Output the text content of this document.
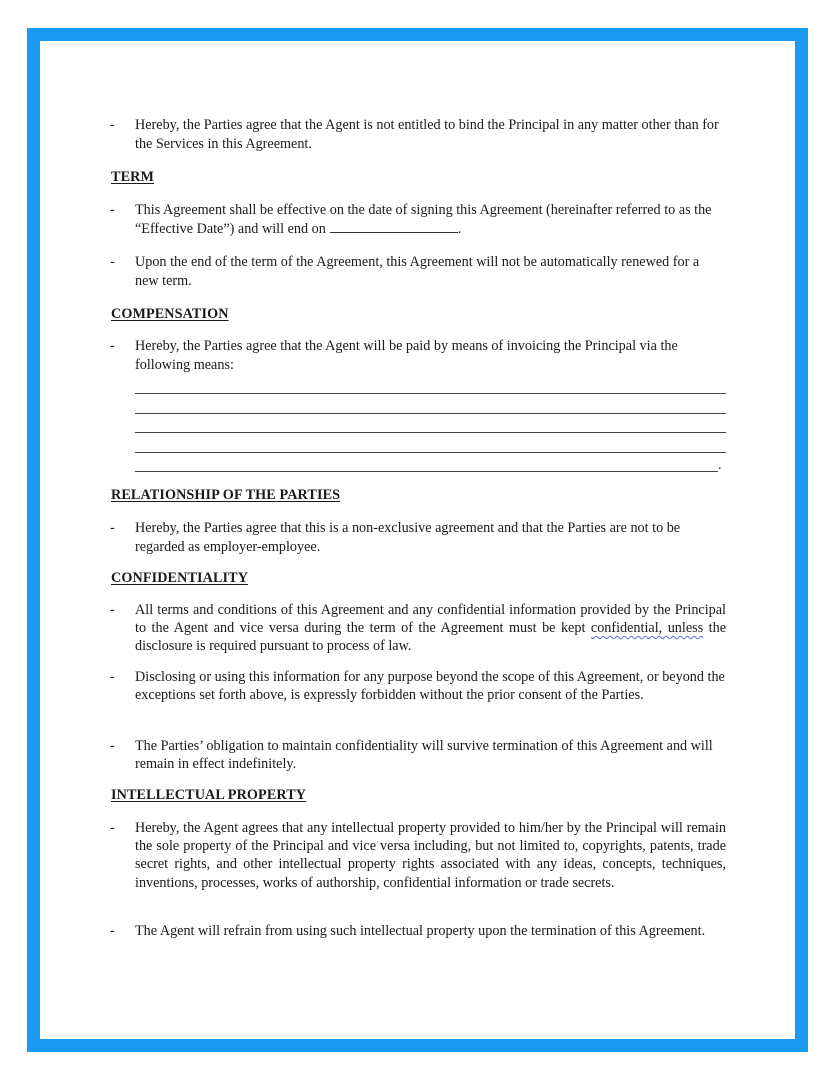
- Hereby, the Parties agree that the Agent is not entitled to bind the Principal in any matter other than for the Services in this Agreement.

TERM
- This Agreement shall be effective on the date of signing this Agreement (hereinafter referred to as the “Effective Date”) and will end on	.

- Upon the end of the term of the Agreement, this Agreement will not be automatically renewed for a new term.

COMPENSATION
- Hereby, the Parties agree that the Agent will be paid by means of invoicing the Principal via the following means:

.
RELATIONSHIP OF THE PARTIES
- Hereby, the Parties agree that this is a non-exclusive agreement and that the Parties are not to be regarded as employer-employee.

CONFIDENTIALITY
- All terms and conditions of this Agreement and any confidential information provided by the Principal to the Agent and vice versa during the term of the Agreement must be kept confidential, unless the disclosure is required pursuant to process of law.

- Disclosing or using this information for any purpose beyond the scope of this Agreement, or beyond the exceptions set forth above, is expressly forbidden without the prior consent of the Parties.

- The Parties’ obligation to maintain confidentiality will survive termination of this Agreement and will remain in effect indefinitely.

INTELLECTUAL PROPERTY
- Hereby, the Agent agrees that any intellectual property provided to him/her by the Principal will remain the sole property of the Principal and vice versa including, but not limited to, copyrights, patents, trade secret rights, and other intellectual property rights associated with any ideas, concepts, techniques, inventions, processes, works of authorship, confidential information or trade secrets.

- The Agent will refrain from using such intellectual property upon the termination of this Agreement.
